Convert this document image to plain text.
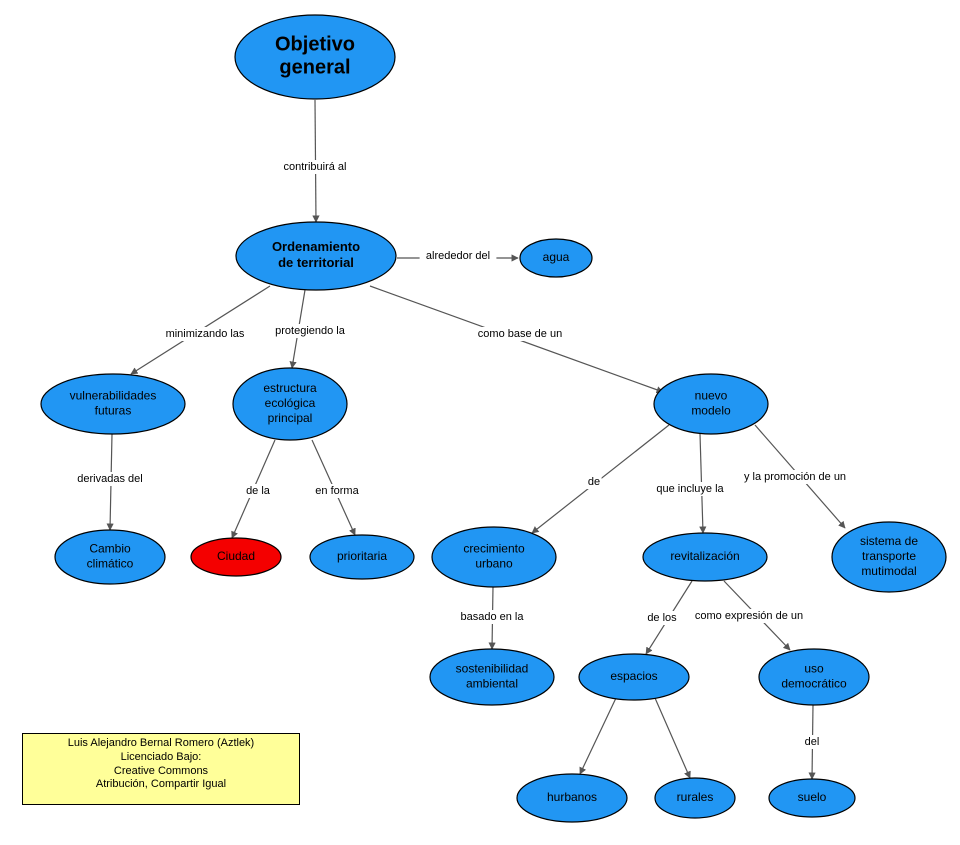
contribuirá al
alrededor del
minimizando las	protegiendo la	como base de un
derivadas del
de la	en forma
de
que incluye la
y la promoción de un
basado en la	de los como expresión de un
del
Objetivo general
Ordenamiento de territorial	agua
vulnerabilidades futuras
estructura ecológica principal
nuevo modelo
Cambio climático
Ciudad	prioritaria
crecimiento urbano
revitalización
sistema de transporte mutimodal
sostenibilidad ambiental
espacios
uso democrático
hurbanos	rurales	suelo
Luis Alejandro Bernal Romero (Aztlek)
Licenciado Bajo:
Creative Commons
Atribución, Compartir Igual
